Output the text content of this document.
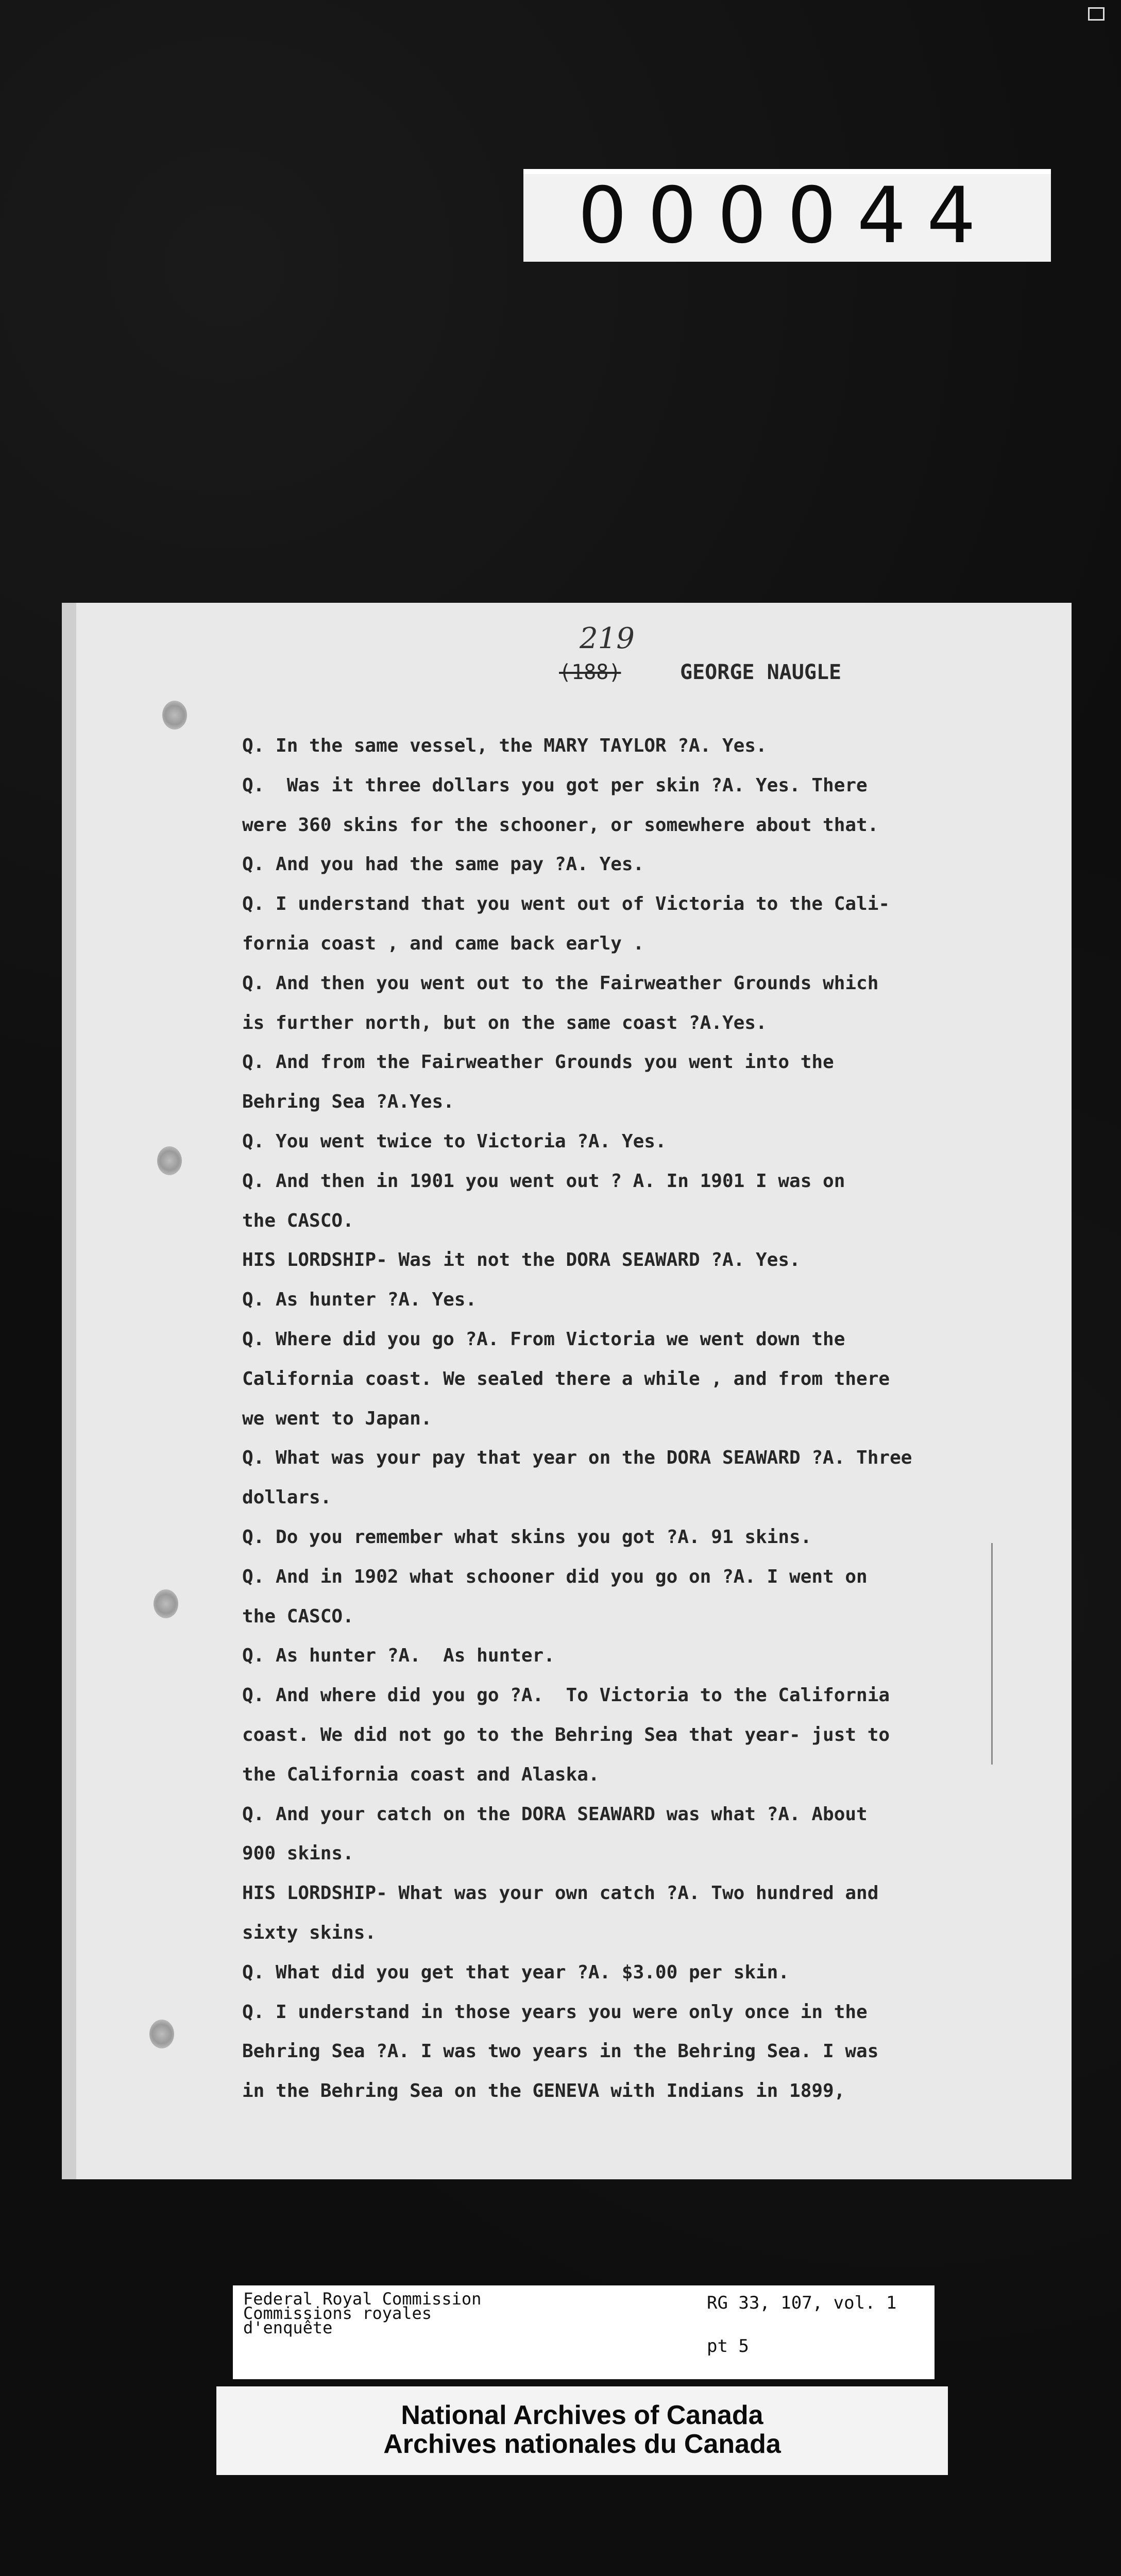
000044
219
(188)	GEORGE NAUGLE
Q. In the same vessel, the MARY TAYLOR ?A. Yes.
Q.  Was it three dollars you got per skin ?A. Yes. There
were 360 skins for the schooner, or somewhere about that.
Q. And you had the same pay ?A. Yes.
Q. I understand that you went out of Victoria to the Cali-
fornia coast , and came back early .
Q. And then you went out to the Fairweather Grounds which
is further north, but on the same coast ?A.Yes.
Q. And from the Fairweather Grounds you went into the
Behring Sea ?A.Yes.
Q. You went twice to Victoria ?A. Yes.
Q. And then in 1901 you went out ? A. In 1901 I was on
the CASCO.
HIS LORDSHIP- Was it not the DORA SEAWARD ?A. Yes.
Q. As hunter ?A. Yes.
Q. Where did you go ?A. From Victoria we went down the
California coast. We sealed there a while , and from there
we went to Japan.
Q. What was your pay that year on the DORA SEAWARD ?A. Three
dollars.
Q. Do you remember what skins you got ?A. 91 skins.
Q. And in 1902 what schooner did you go on ?A. I went on
the CASCO.
Q. As hunter ?A.  As hunter.
Q. And where did you go ?A.  To Victoria to the California
coast. We did not go to the Behring Sea that year- just to
the California coast and Alaska.
Q. And your catch on the DORA SEAWARD was what ?A. About
900 skins.
HIS LORDSHIP- What was your own catch ?A. Two hundred and
sixty skins.
Q. What did you get that year ?A. $3.00 per skin.
Q. I understand in those years you were only once in the
Behring Sea ?A. I was two years in the Behring Sea. I was
in the Behring Sea on the GENEVA with Indians in 1899,
Federal Royal Commission
Commissions royales
d'enquête
RG 33, 107, vol. 1
pt 5
National Archives of Canada
Archives nationales du Canada
